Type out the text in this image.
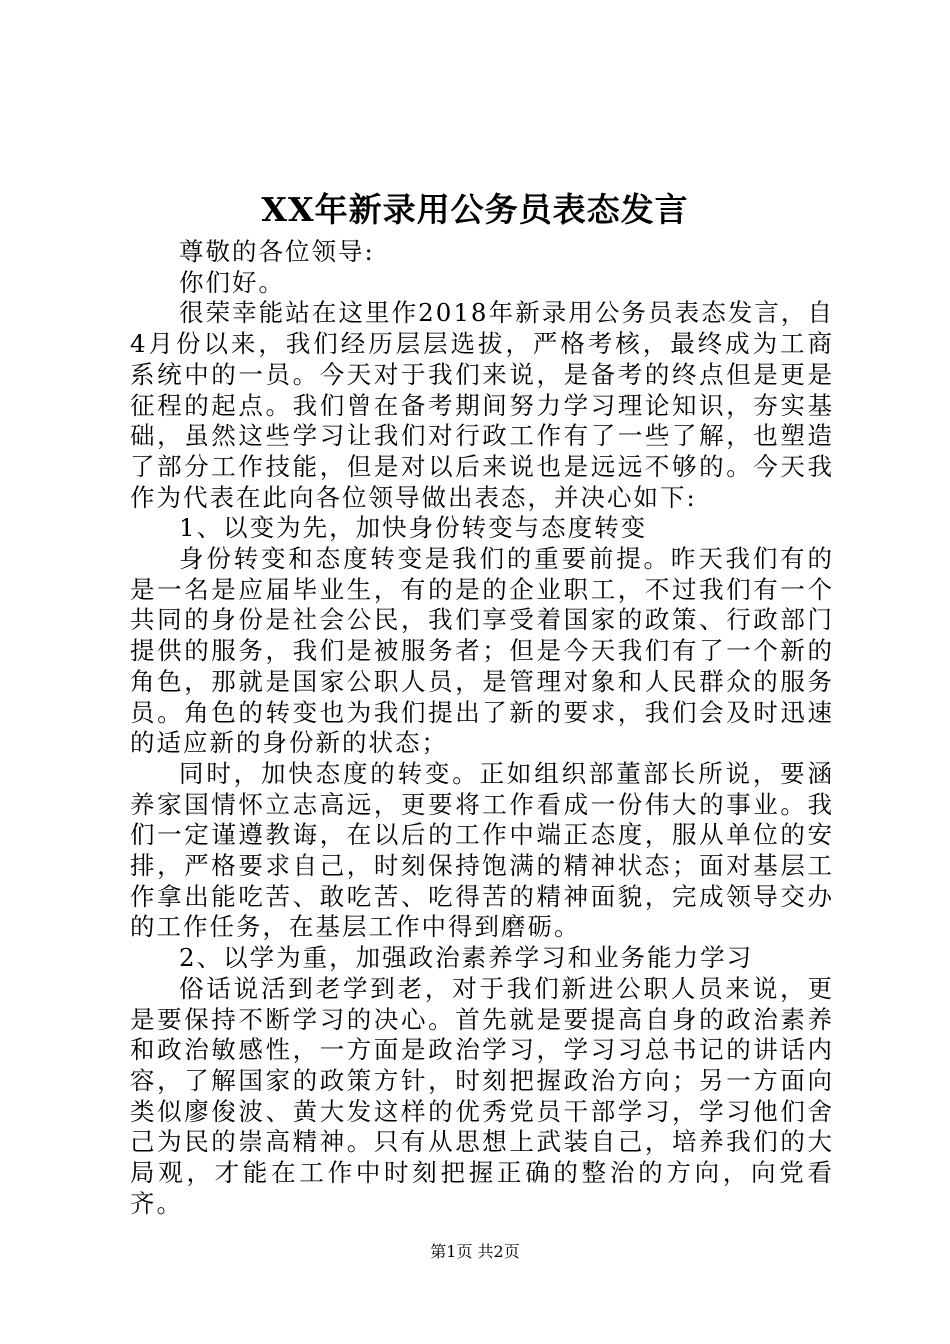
XX年新录用公务员表态发言

尊敬的各位领导:

你们好。

很荣幸能站在这里作2018年新录用公务员表态发言，自4月份以来，我们经历层层选拔，严格考核，最终成为工商系统中的一员。今天对于我们来说，是备考的终点但是更是征程的起点。我们曾在备考期间努力学习理论知识，夯实基础，虽然这些学习让我们对行政工作有了一些了解，也塑造了部分工作技能，但是对以后来说也是远远不够的。今天我作为代表在此向各位领导做出表态，并决心如下:

1、以变为先，加快身份转变与态度转变

身份转变和态度转变是我们的重要前提。昨天我们有的是一名是应届毕业生，有的是的企业职工，不过我们有一个共同的身份是社会公民，我们享受着国家的政策、行政部门提供的服务，我们是被服务者；但是今天我们有了一个新的角色，那就是国家公职人员，是管理对象和人民群众的服务员。角色的转变也为我们提出了新的要求，我们会及时迅速的适应新的身份新的状态；

同时，加快态度的转变。正如组织部董部长所说，要涵养家国情怀立志高远，更要将工作看成一份伟大的事业。我们一定谨遵教诲，在以后的工作中端正态度，服从单位的安排，严格要求自己，时刻保持饱满的精神状态；面对基层工作拿出能吃苦、敢吃苦、吃得苦的精神面貌，完成领导交办的工作任务，在基层工作中得到磨砺。

2、以学为重，加强政治素养学习和业务能力学习

俗话说活到老学到老，对于我们新进公职人员来说，更是要保持不断学习的决心。首先就是要提高自身的政治素养和政治敏感性，一方面是政治学习，学习习总书记的讲话内容，了解国家的政策方针，时刻把握政治方向；另一方面向类似廖俊波、黄大发这样的优秀党员干部学习，学习他们舍己为民的崇高精神。只有从思想上武装自己，培养我们的大局观，才能在工作中时刻把握正确的整治的方向，向党看齐。

第1页 共2页
